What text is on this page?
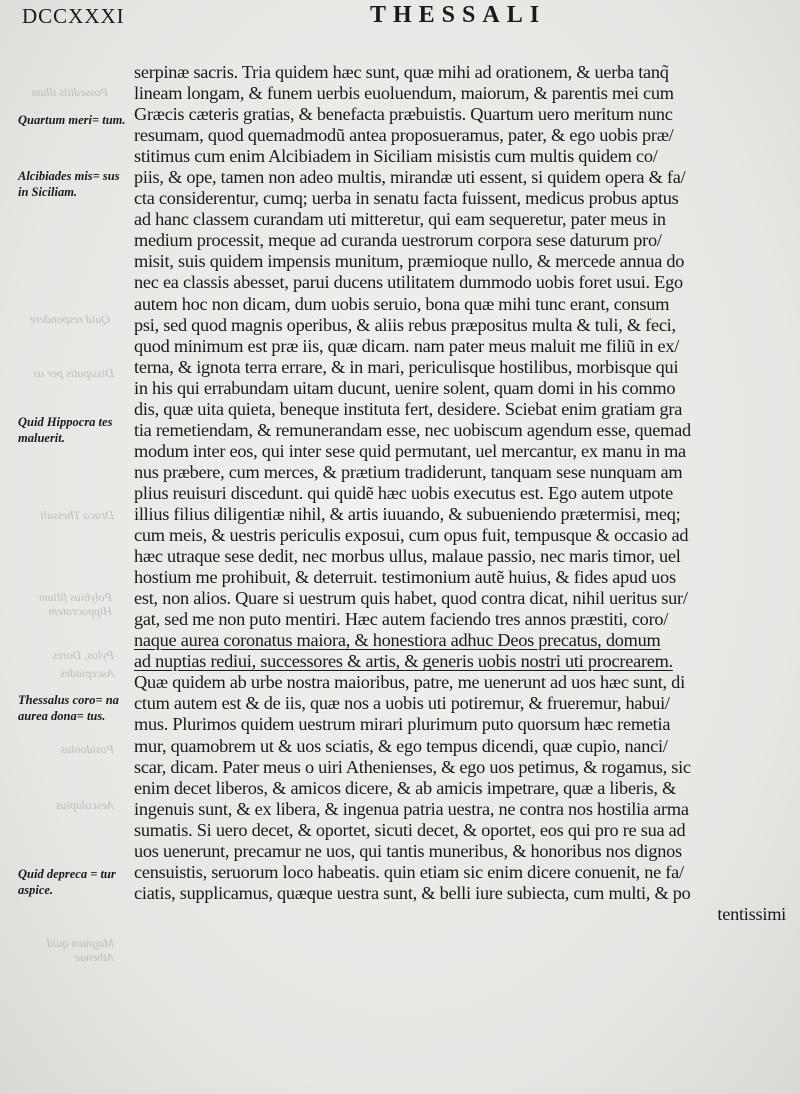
Posseditis illum
Quid respondere
Dissipatis per us
Draco Thessali
Polybius filium Hippocratem
Pylos, Dores
Ascepiades
Posidonius
Aesculapius
Magnum quid Athenae
DCCXXXI	THESSALI
Quartum meri= tum.
Alcibiades mis= sus in Siciliam.
Quid Hippocra tes maluerit.
Thessalus coro= na aurea dona= tus.
Quid depreca = tur aspice.
serpinæ sacris. Tria quidem hæc sunt, quæ mihi ad orationem, & uerba tanq̃
lineam longam, & funem uerbis euoluendum, maiorum, & parentis mei cum
Græcis cæteris gratias, & benefacta præbuistis. Quartum uero meritum nunc
resumam, quod quemadmodũ antea proposueramus, pater, & ego uobis præ/
stitimus cum enim Alcibiadem in Siciliam misistis cum multis quidem co/
piis, & ope, tamen non adeo multis, mirandæ uti essent, si quidem opera & fa/
cta considerentur, cumq; uerba in senatu facta fuissent, medicus probus aptus
ad hanc classem curandam uti mitteretur, qui eam sequeretur, pater meus in
medium processit, meque ad curanda uestrorum corpora sese daturum pro/
misit, suis quidem impensis munitum, præmioque nullo, & mercede annua do
nec ea classis abesset, parui ducens utilitatem dummodo uobis foret usui. Ego
autem hoc non dicam, dum uobis seruio, bona quæ mihi tunc erant, consum
psi, sed quod magnis operibus, & aliis rebus præpositus multa & tuli, & feci,
quod minimum est præ iis, quæ dicam. nam pater meus maluit me filiũ in ex/
terna, & ignota terra errare, & in mari, periculisque hostilibus, morbisque qui
in his qui errabundam uitam ducunt, uenire solent, quam domi in his commo
dis, quæ uita quieta, beneque instituta fert, desidere. Sciebat enim gratiam gra
tia remetiendam, & remunerandam esse, nec uobiscum agendum esse, quemad
modum inter eos, qui inter sese quid permutant, uel mercantur, ex manu in ma
nus præbere, cum merces, & prætium tradiderunt, tanquam sese nunquam am
plius reuisuri discedunt. qui quidẽ hæc uobis executus est. Ego autem utpote
illius filius diligentiæ nihil, & artis iuuando, & subueniendo prætermisi, meq;
cum meis, & uestris periculis exposui, cum opus fuit, tempusque & occasio ad
hæc utraque sese dedit, nec morbus ullus, malaue passio, nec maris timor, uel
hostium me prohibuit, & deterruit. testimonium autẽ huius, & fides apud uos
est, non alios. Quare si uestrum quis habet, quod contra dicat, nihil ueritus sur/
gat, sed me non puto mentiri. Hæc autem faciendo tres annos præstiti, coro/
naque aurea coronatus maiora, & honestiora adhuc Deos precatus, domum
ad nuptias rediui, successores & artis, & generis uobis nostri uti procrearem.
Quæ quidem ab urbe nostra maioribus, patre, me uenerunt ad uos hæc sunt, di
ctum autem est & de iis, quæ nos a uobis uti potiremur, & frueremur, habui/
mus. Plurimos quidem uestrum mirari plurimum puto quorsum hæc remetia
mur, quamobrem ut & uos sciatis, & ego tempus dicendi, quæ cupio, nanci/
scar, dicam. Pater meus o uiri Athenienses, & ego uos petimus, & rogamus, sic
enim decet liberos, & amicos dicere, & ab amicis impetrare, quæ a liberis, &
ingenuis sunt, & ex libera, & ingenua patria uestra, ne contra nos hostilia arma
sumatis. Si uero decet, & oportet, sicuti decet, & oportet, eos qui pro re sua ad
uos uenerunt, precamur ne uos, qui tantis muneribus, & honoribus nos dignos
censuistis, seruorum loco habeatis. quin etiam sic enim dicere conuenit, ne fa/
ciatis, supplicamus, quæque uestra sunt, & belli iure subiecta, cum multi, & po
tentissimi
